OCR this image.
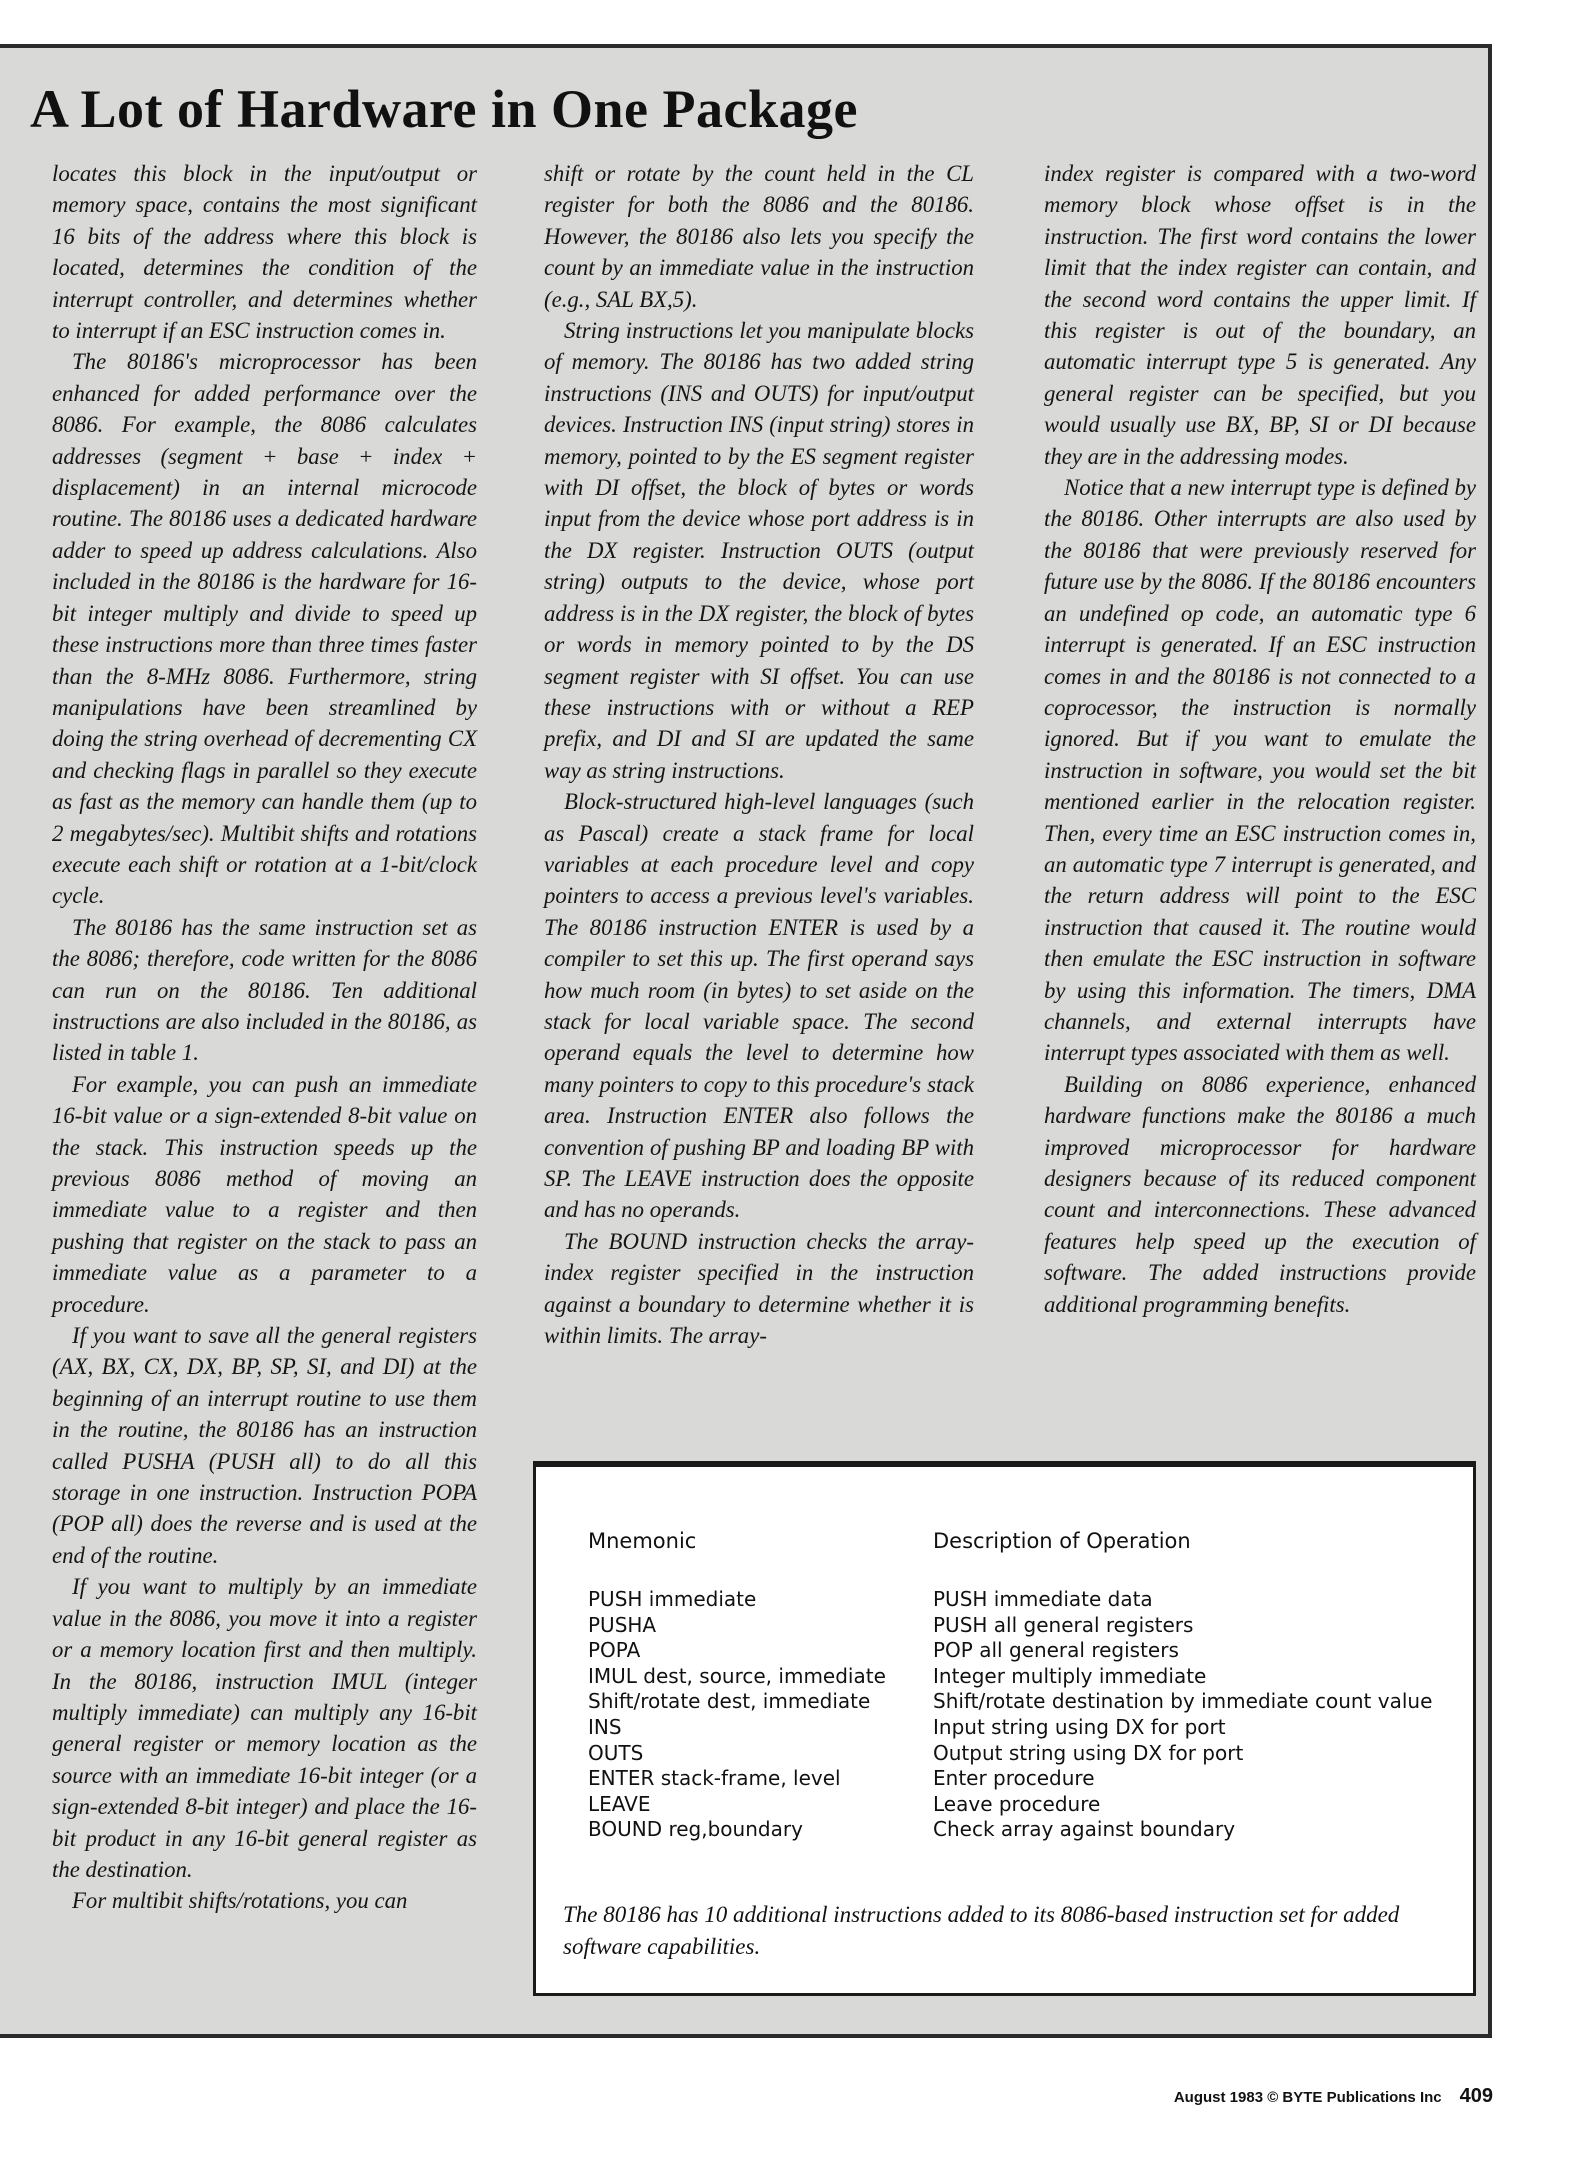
A Lot of Hardware in One Package

locates this block in the input/output or memory space, contains the most significant 16 bits of the address where this block is located, determines the condition of the interrupt controller, and determines whether to interrupt if an ESC instruction comes in.

The 80186's microprocessor has been enhanced for added performance over the 8086. For example, the 8086 calculates addresses (segment + base + index + displacement) in an internal microcode routine. The 80186 uses a dedicated hardware adder to speed up address calculations. Also included in the 80186 is the hardware for 16-bit integer multiply and divide to speed up these instructions more than three times faster than the 8-MHz 8086. Furthermore, string manipulations have been streamlined by doing the string overhead of decrementing CX and checking flags in parallel so they execute as fast as the memory can handle them (up to 2 megabytes/sec). Multibit shifts and rotations execute each shift or rotation at a 1-bit/clock cycle.

The 80186 has the same instruction set as the 8086; therefore, code written for the 8086 can run on the 80186. Ten additional instructions are also included in the 80186, as listed in table 1.

For example, you can push an immediate 16-bit value or a sign-extended 8-bit value on the stack. This instruction speeds up the previous 8086 method of moving an immediate value to a register and then pushing that register on the stack to pass an immediate value as a parameter to a procedure.

If you want to save all the general registers (AX, BX, CX, DX, BP, SP, SI, and DI) at the beginning of an interrupt routine to use them in the routine, the 80186 has an instruction called PUSHA (PUSH all) to do all this storage in one instruction. Instruction POPA (POP all) does the reverse and is used at the end of the routine.

If you want to multiply by an immediate value in the 8086, you move it into a register or a memory location first and then multiply. In the 80186, instruction IMUL (integer multiply immediate) can multiply any 16-bit general register or memory location as the source with an immediate 16-bit integer (or a sign-extended 8-bit integer) and place the 16-bit product in any 16-bit general register as the destination.

For multibit shifts/rotations, you can

shift or rotate by the count held in the CL register for both the 8086 and the 80186. However, the 80186 also lets you specify the count by an immediate value in the instruction (e.g., SAL BX,5).

String instructions let you manipulate blocks of memory. The 80186 has two added string instructions (INS and OUTS) for input/output devices. Instruction INS (input string) stores in memory, pointed to by the ES segment register with DI offset, the block of bytes or words input from the device whose port address is in the DX register. Instruction OUTS (output string) outputs to the device, whose port address is in the DX register, the block of bytes or words in memory pointed to by the DS segment register with SI offset. You can use these instructions with or without a REP prefix, and DI and SI are updated the same way as string instructions.

Block-structured high-level languages (such as Pascal) create a stack frame for local variables at each procedure level and copy pointers to access a previous level's variables. The 80186 instruction ENTER is used by a compiler to set this up. The first operand says how much room (in bytes) to set aside on the stack for local variable space. The second operand equals the level to determine how many pointers to copy to this procedure's stack area. Instruction ENTER also follows the convention of pushing BP and loading BP with SP. The LEAVE instruction does the opposite and has no operands.

The BOUND instruction checks the array-index register specified in the instruction against a boundary to determine whether it is within limits. The array-

index register is compared with a two-word memory block whose offset is in the instruction. The first word contains the lower limit that the index register can contain, and the second word contains the upper limit. If this register is out of the boundary, an automatic interrupt type 5 is generated. Any general register can be specified, but you would usually use BX, BP, SI or DI because they are in the addressing modes.

Notice that a new interrupt type is defined by the 80186. Other interrupts are also used by the 80186 that were previously reserved for future use by the 8086. If the 80186 encounters an undefined op code, an automatic type 6 interrupt is generated. If an ESC instruction comes in and the 80186 is not connected to a coprocessor, the instruction is normally ignored. But if you want to emulate the instruction in software, you would set the bit mentioned earlier in the relocation register. Then, every time an ESC instruction comes in, an automatic type 7 interrupt is generated, and the return address will point to the ESC instruction that caused it. The routine would then emulate the ESC instruction in software by using this information. The timers, DMA channels, and external interrupts have interrupt types associated with them as well.

Building on 8086 experience, enhanced hardware functions make the 80186 a much improved microprocessor for hardware designers because of its reduced component count and interconnections. These advanced features help speed up the execution of software. The added instructions provide additional programming benefits.

Mnemonic	Description of Operation
PUSH immediate
PUSHA
POPA
IMUL dest, source, immediate
Shift/rotate dest, immediate
INS
OUTS
ENTER stack-frame, level
LEAVE
BOUND reg,boundary
PUSH immediate data
PUSH all general registers
POP all general registers
Integer multiply immediate
Shift/rotate destination by immediate count value
Input string using DX for port
Output string using DX for port
Enter procedure
Leave procedure
Check array against boundary
The 80186 has 10 additional instructions added to its 8086-based instruction set for added software capabilities.
August 1983 © BYTE Publications Inc 409
